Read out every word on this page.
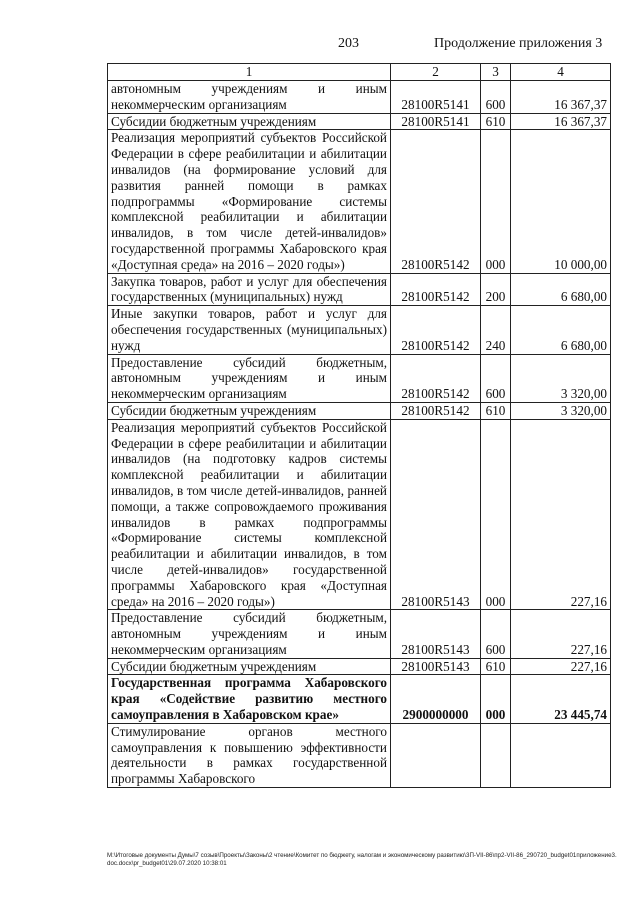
203	Продолжение приложения 3
1	2	3	4
автономным учреждениям и иным некоммерческим организациям	28100R5141	600	16 367,37
Субсидии бюджетным учреждениям	28100R5141	610	16 367,37
Реализация мероприятий субъектов Российской Федерации в сфере реабилитации и абилитации инвалидов (на формирование условий для развития ранней помощи в рамках подпрограммы «Формирование системы комплексной реабилитации и абилитации инвалидов, в том числе детей-инвалидов» государственной программы Хабаровского края «Доступная среда» на 2016 – 2020 годы»)	28100R5142	000	10 000,00
Закупка товаров, работ и услуг для обеспечения государственных (муниципальных) нужд	28100R5142	200	6 680,00
Иные закупки товаров, работ и услуг для обеспечения государственных (муниципальных) нужд	28100R5142	240	6 680,00
Предоставление субсидий бюджетным, автономным учреждениям и иным некоммерческим организациям	28100R5142	600	3 320,00
Субсидии бюджетным учреждениям	28100R5142	610	3 320,00
Реализация мероприятий субъектов Российской Федерации в сфере реабилитации и абилитации инвалидов (на подготовку кадров системы комплексной реабилитации и абилитации инвалидов, в том числе детей-инвалидов, ранней помощи, а также сопровождаемого проживания инвалидов в рамках подпрограммы «Формирование системы комплексной реабилитации и абилитации инвалидов, в том числе детей-инвалидов» государственной программы Хабаровского края «Доступная среда» на 2016 – 2020 годы»)	28100R5143	000	227,16
Предоставление субсидий бюджетным, автономным учреждениям и иным некоммерческим организациям	28100R5143	600	227,16
Субсидии бюджетным учреждениям	28100R5143	610	227,16
Государственная программа Хабаровского края «Содействие развитию местного самоуправления в Хабаровском крае»	2900000000	000	23 445,74
Стимулирование органов местного самоуправления к повышению эффективности деятельности в рамках государственной программы Хабаровского			
M:\Итоговые документы Думы\7 созыв\Проекты\Законы\2 чтение\Комитет по бюджету, налогам и экономическому развитию\3П-VII-86\пр2-VII-86_290720_budget01приложение3.doc.docx\pr_budget01\29.07.2020 10:38:01
